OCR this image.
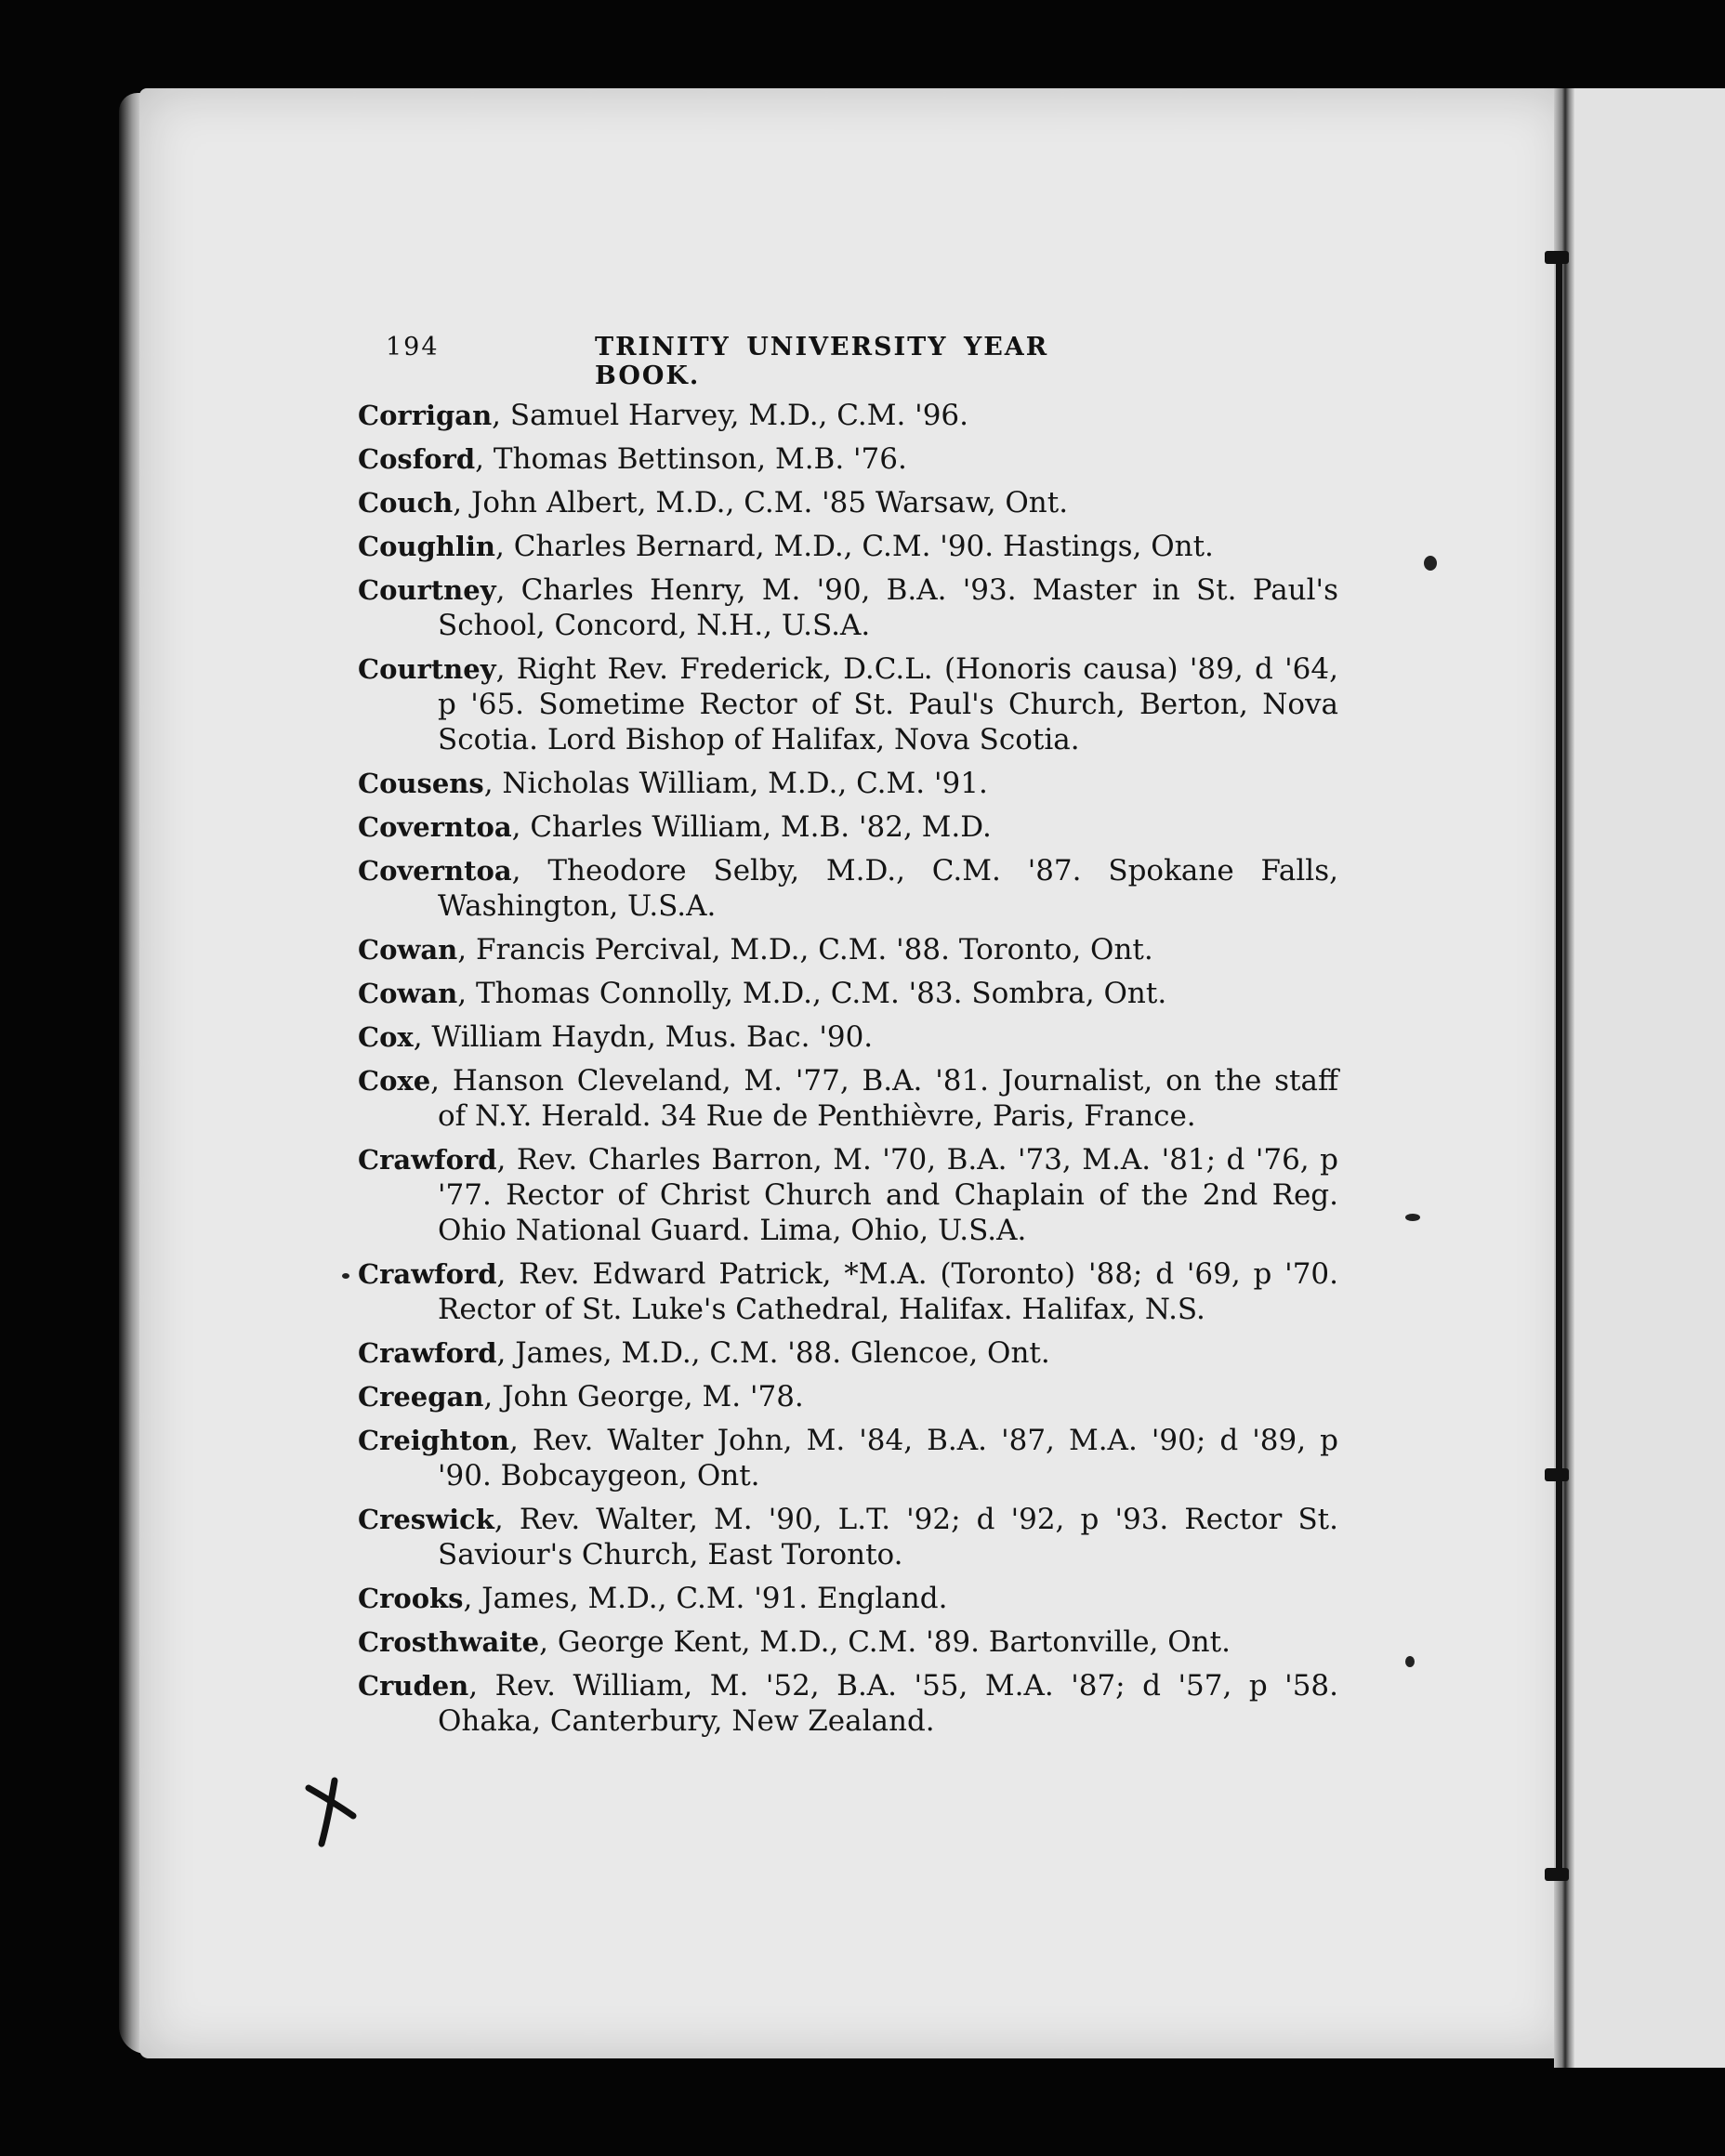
194	TRINITY UNIVERSITY YEAR BOOK.

Corrigan, Samuel Harvey, M.D., C.M. '96.

Cosford, Thomas Bettinson, M.B. '76.

Couch, John Albert, M.D., C.M. '85 Warsaw, Ont.

Coughlin, Charles Bernard, M.D., C.M. '90. Hastings, Ont.

Courtney, Charles Henry, M. '90, B.A. '93. Master in St. Paul's School, Concord, N.H., U.S.A.

Courtney, Right Rev. Frederick, D.C.L. (Honoris causa) '89, d '64, p '65. Sometime Rector of St. Paul's Church, Berton, Nova Scotia. Lord Bishop of Halifax, Nova Scotia.

Cousens, Nicholas William, M.D., C.M. '91.

Coverntoa, Charles William, M.B. '82, M.D.

Coverntoa, Theodore Selby, M.D., C.M. '87. Spokane Falls, Washington, U.S.A.

Cowan, Francis Percival, M.D., C.M. '88. Toronto, Ont.

Cowan, Thomas Connolly, M.D., C.M. '83. Sombra, Ont.

Cox, William Haydn, Mus. Bac. '90.

Coxe, Hanson Cleveland, M. '77, B.A. '81. Journalist, on the staff of N.Y. Herald. 34 Rue de Penthièvre, Paris, France.

Crawford, Rev. Charles Barron, M. '70, B.A. '73, M.A. '81; d '76, p '77. Rector of Christ Church and Chaplain of the 2nd Reg. Ohio National Guard. Lima, Ohio, U.S.A.

Crawford, Rev. Edward Patrick, *M.A. (Toronto) '88; d '69, p '70. Rector of St. Luke's Cathedral, Halifax. Halifax, N.S.

Crawford, James, M.D., C.M. '88. Glencoe, Ont.

Creegan, John George, M. '78.

Creighton, Rev. Walter John, M. '84, B.A. '87, M.A. '90; d '89, p '90. Bobcaygeon, Ont.

Creswick, Rev. Walter, M. '90, L.T. '92; d '92, p '93. Rector St. Saviour's Church, East Toronto.

Crooks, James, M.D., C.M. '91. England.

Crosthwaite, George Kent, M.D., C.M. '89. Bartonville, Ont.

Cruden, Rev. William, M. '52, B.A. '55, M.A. '87; d '57, p '58. Ohaka, Canterbury, New Zealand.
